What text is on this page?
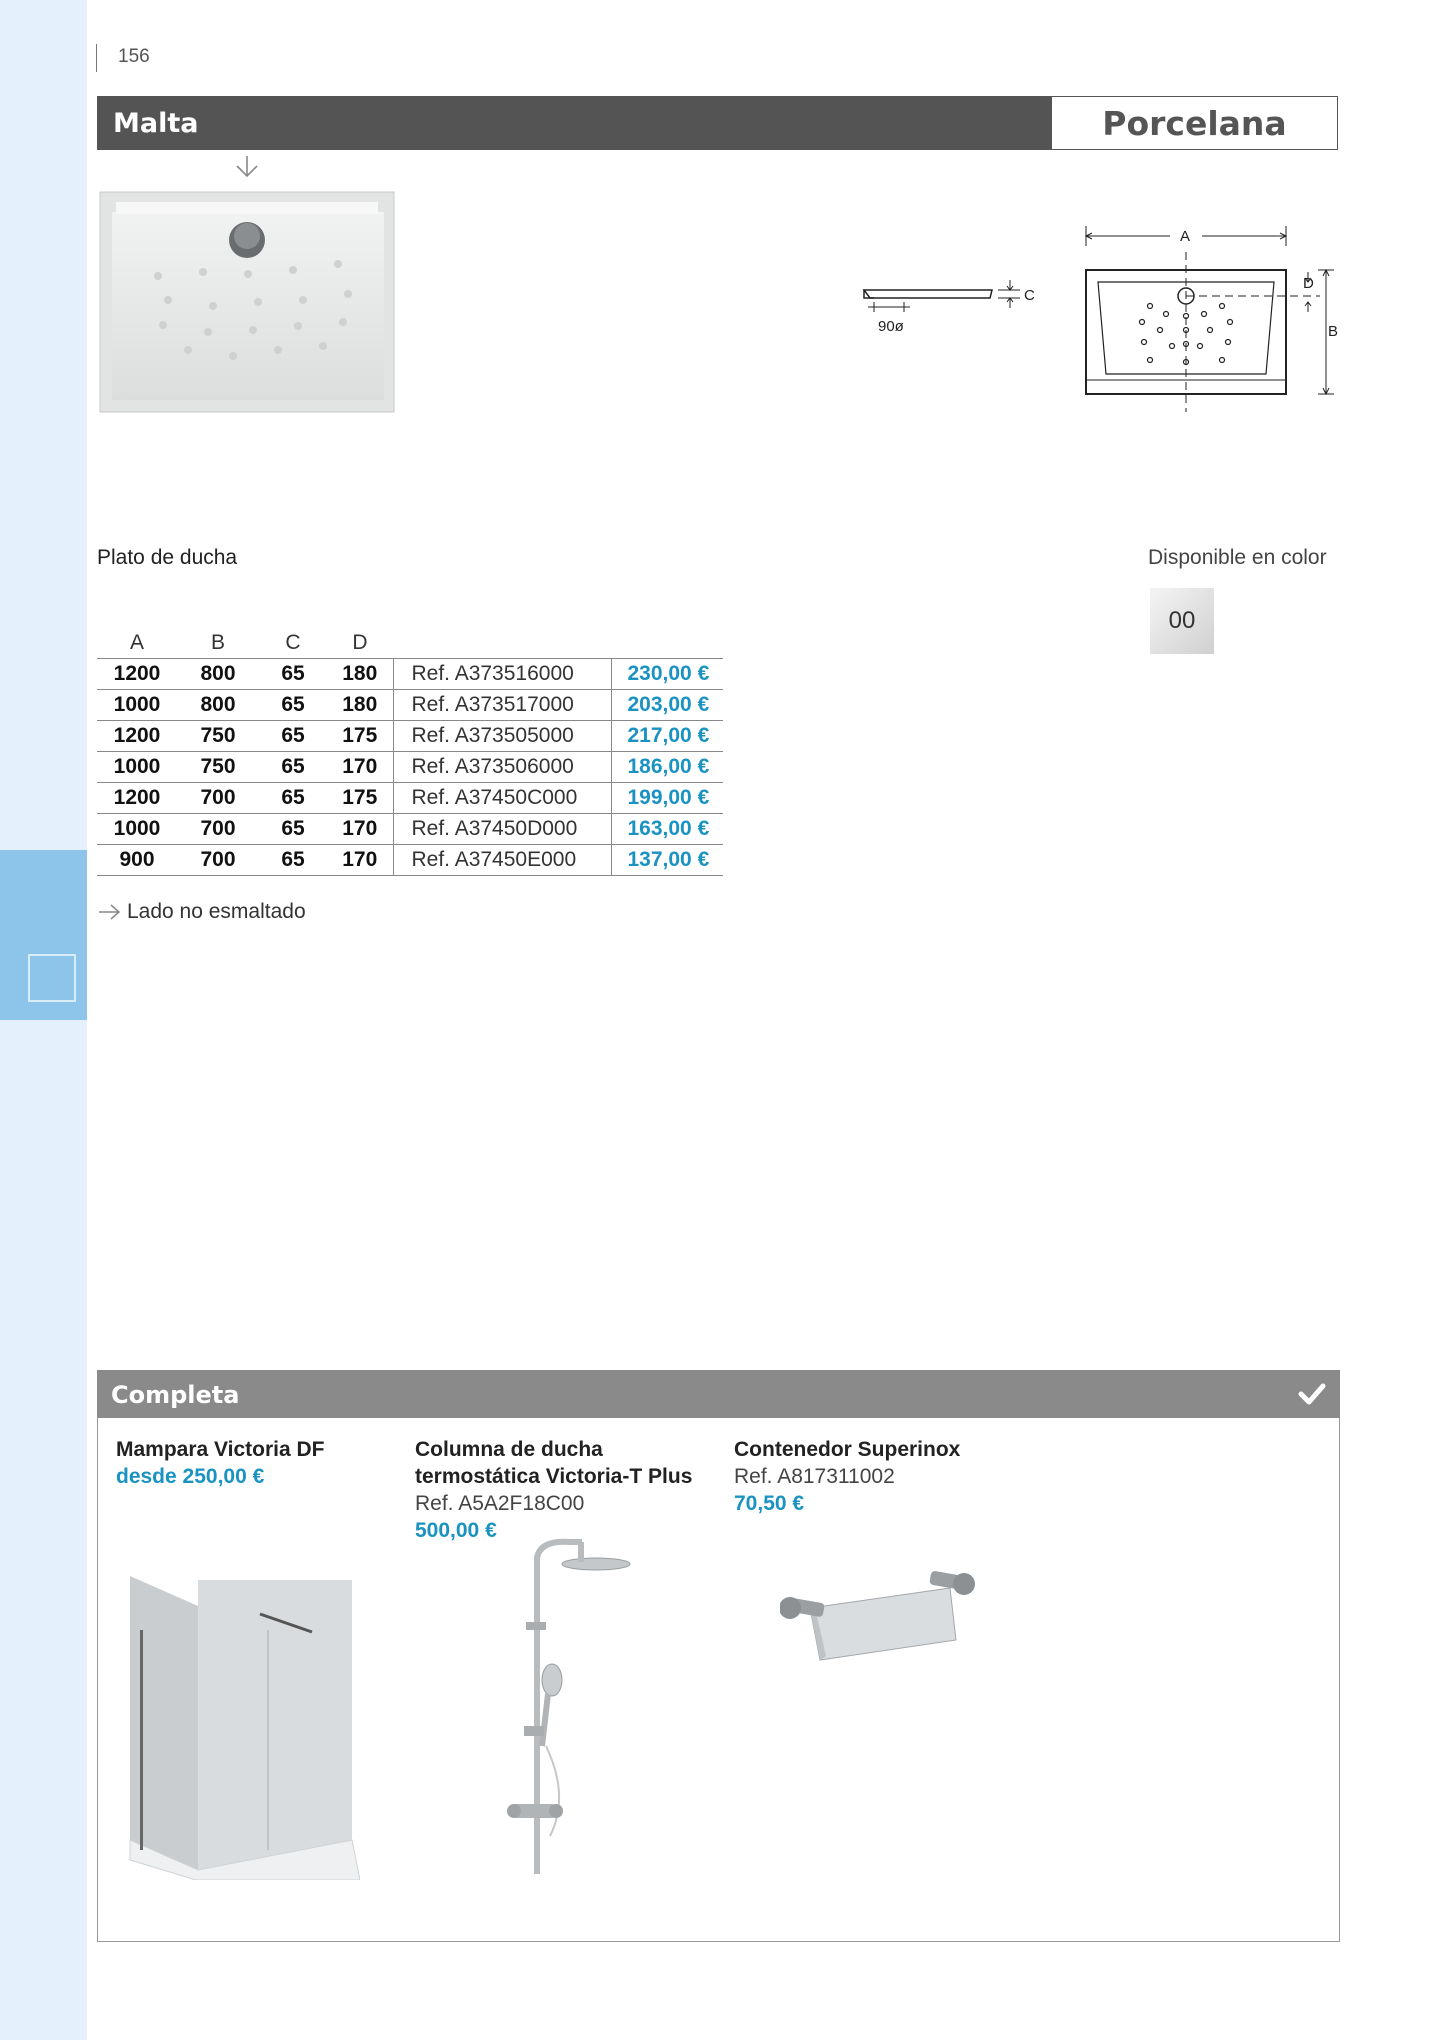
156
Malta	Porcelana
C
90ø
A
D
B
Plato de ducha	Disponible en color
00
A	B	C	D		
1200	800	65	180	Ref. A373516000	230,00 €
1000	800	65	180	Ref. A373517000	203,00 €
1200	750	65	175	Ref. A373505000	217,00 €
1000	750	65	170	Ref. A373506000	186,00 €
1200	700	65	175	Ref. A37450C000	199,00 €
1000	700	65	170	Ref. A37450D000	163,00 €
900	700	65	170	Ref. A37450E000	137,00 €
Lado no esmaltado
Completa
Mampara Victoria DF
desde 250,00 €
Columna de ducha
termostática Victoria-T Plus
Ref. A5A2F18C00
500,00 €
Contenedor Superinox
Ref. A817311002
70,50 €
